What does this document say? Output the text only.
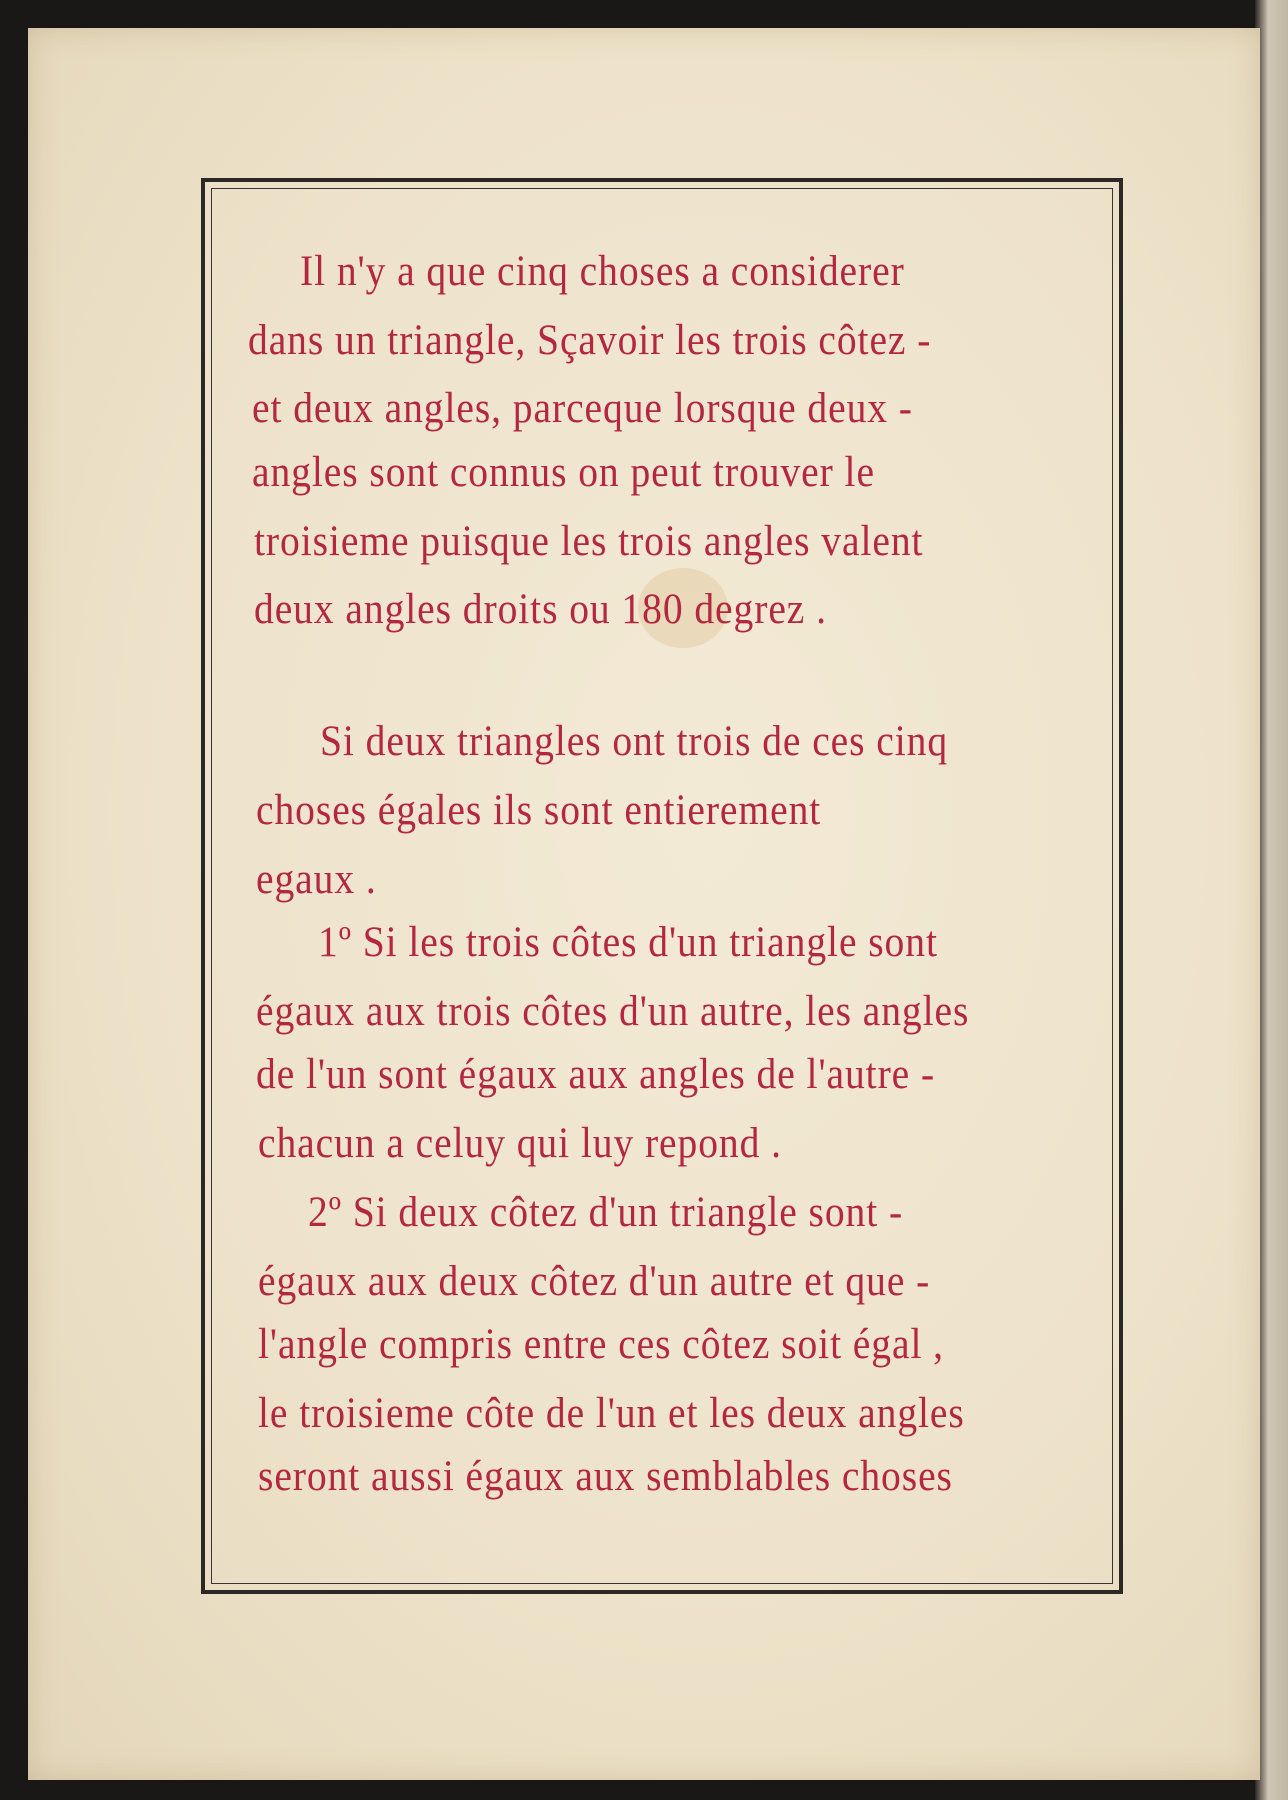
Il n'y a que cinq choses a considerer
dans un triangle, Sçavoir les trois côtez -
et deux angles, parceque lorsque deux -
angles sont connus on peut trouver le
troisieme puisque les trois angles valent
deux angles droits ou 180 degrez .
Si deux triangles ont trois de ces cinq
choses égales ils sont entierement
egaux .
1º Si les trois côtes d'un triangle sont
égaux aux trois côtes d'un autre, les angles
de l'un sont égaux aux angles de l'autre -
chacun a celuy qui luy repond .
2º Si deux côtez d'un triangle sont -
égaux aux deux côtez d'un autre et que -
l'angle compris entre ces côtez soit égal ,
le troisieme côte de l'un et les deux angles
seront aussi égaux aux semblables choses
